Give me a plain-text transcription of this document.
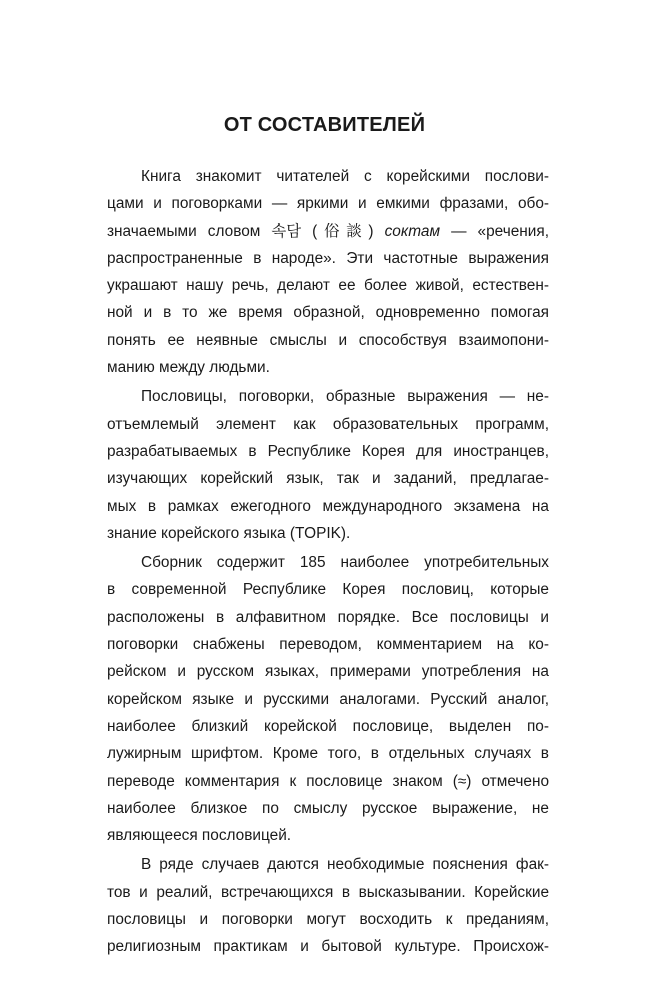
ОТ СОСТАВИТЕЛЕЙ
Книга знакомит читателей с корейскими послови-
цами и поговорками — яркими и емкими фразами, обо-
значаемыми словом 속담 (俗談) соктам — «речения,
распространенные в народе». Эти частотные выражения
украшают нашу речь, делают ее более живой, естествен-
ной и в то же время образной, одновременно помогая
понять ее неявные смыслы и способствуя взаимопони-
манию между людьми.
Пословицы, поговорки, образные выражения — не-
отъемлемый элемент как образовательных программ,
разрабатываемых в Республике Корея для иностранцев,
изучающих корейский язык, так и заданий, предлагае-
мых в рамках ежегодного международного экзамена на
знание корейского языка (TOPIK).
Сборник содержит 185 наиболее употребительных
в современной Республике Корея пословиц, которые
расположены в алфавитном порядке. Все пословицы и
поговорки снабжены переводом, комментарием на ко-
рейском и русском языках, примерами употребления на
корейском языке и русскими аналогами. Русский аналог,
наиболее близкий корейской пословице, выделен по-
лужирным шрифтом. Кроме того, в отдельных случаях в
переводе комментария к пословице знаком (≈) отмечено
наиболее близкое по смыслу русское выражение, не
являющееся пословицей.
В ряде случаев даются необходимые пояснения фак-
тов и реалий, встречающихся в высказывании. Корейские
пословицы и поговорки могут восходить к преданиям,
религиозным практикам и бытовой культуре. Происхож-
